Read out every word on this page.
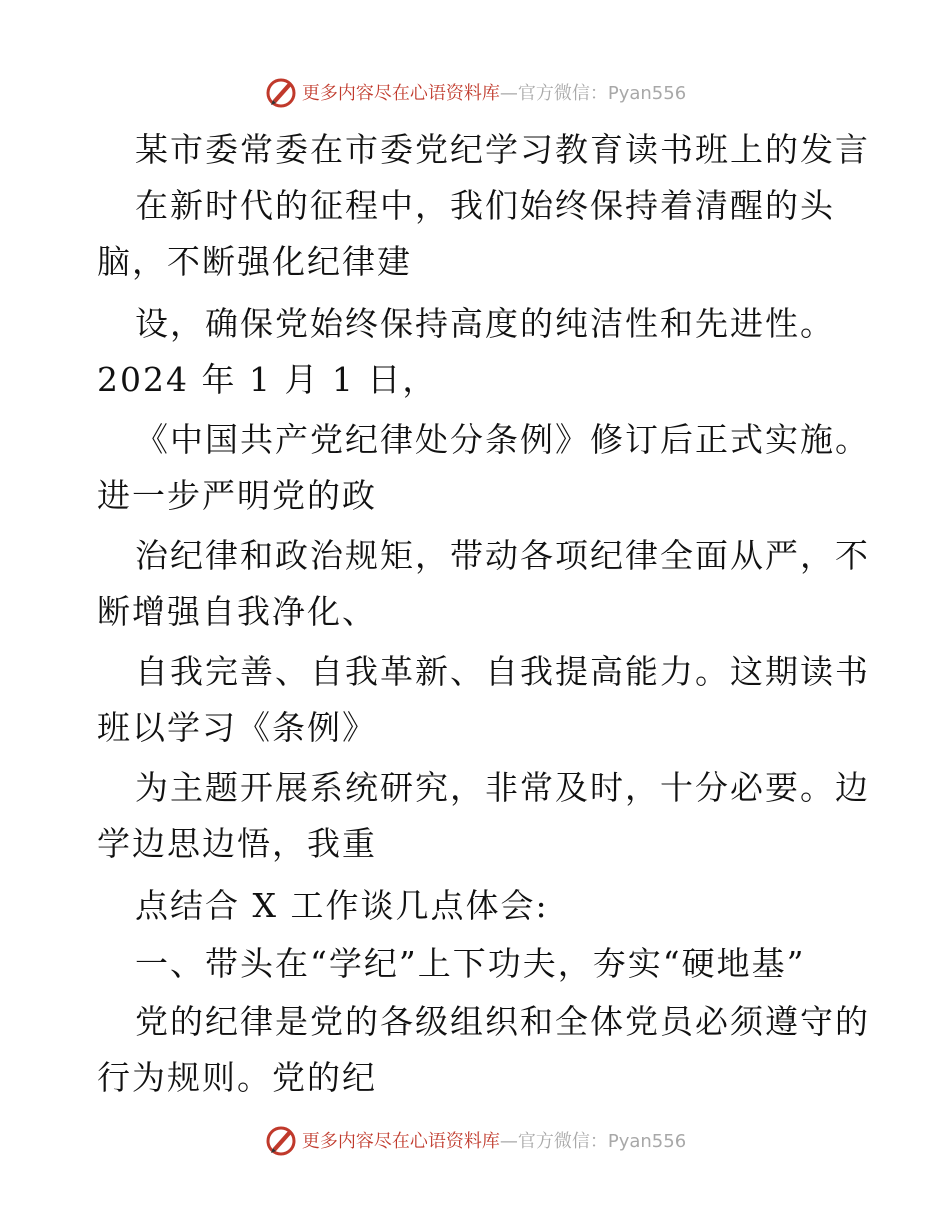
更多内容尽在心语资料库—官方微信：Pyan556
某市委常委在市委党纪学习教育读书班上的发言
在新时代的征程中，我们始终保持着清醒的头
脑，不断强化纪律建
设，确保党始终保持高度的纯洁性和先进性。
2024 年 1 月 1 日，
《中国共产党纪律处分条例》修订后正式实施。
进一步严明党的政
治纪律和政治规矩，带动各项纪律全面从严，不
断增强自我净化、
自我完善、自我革新、自我提高能力。这期读书
班以学习《条例》
为主题开展系统研究，非常及时，十分必要。边
学边思边悟，我重
点结合 X 工作谈几点体会:
一、带头在“学纪”上下功夫，夯实“硬地基”
党的纪律是党的各级组织和全体党员必须遵守的
行为规则。党的纪
更多内容尽在心语资料库—官方微信：Pyan556
